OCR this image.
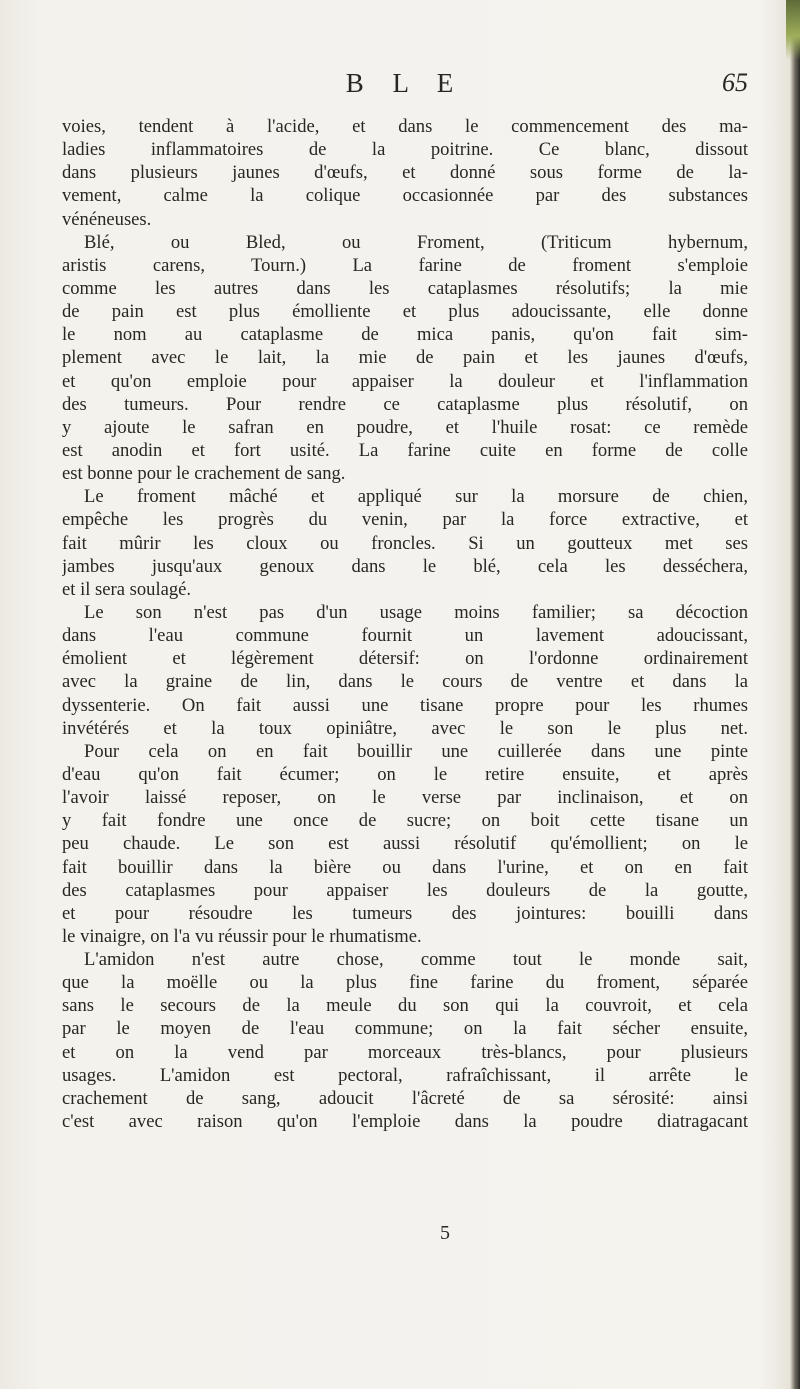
B L E	65
voies, tendent à l'acide, et dans le commencement des ma-
ladies inflammatoires de la poitrine. Ce blanc, dissout
dans plusieurs jaunes d'œufs, et donné sous forme de la-
vement, calme la colique occasionnée par des substances
vénéneuses.
Blé, ou Bled, ou Froment, (Triticum hybernum,
aristis carens, Tourn.) La farine de froment s'emploie
comme les autres dans les cataplasmes résolutifs; la mie
de pain est plus émolliente et plus adoucissante, elle donne
le nom au cataplasme de mica panis, qu'on fait sim-
plement avec le lait, la mie de pain et les jaunes d'œufs,
et qu'on emploie pour appaiser la douleur et l'inflammation
des tumeurs. Pour rendre ce cataplasme plus résolutif, on
y ajoute le safran en poudre, et l'huile rosat: ce remède
est anodin et fort usité. La farine cuite en forme de colle
est bonne pour le crachement de sang.
Le froment mâché et appliqué sur la morsure de chien,
empêche les progrès du venin, par la force extractive, et
fait mûrir les cloux ou froncles. Si un goutteux met ses
jambes jusqu'aux genoux dans le blé, cela les desséchera,
et il sera soulagé.
Le son n'est pas d'un usage moins familier; sa décoction
dans l'eau commune fournit un lavement adoucissant,
émolient et légèrement détersif: on l'ordonne ordinairement
avec la graine de lin, dans le cours de ventre et dans la
dyssenterie. On fait aussi une tisane propre pour les rhumes
invétérés et la toux opiniâtre, avec le son le plus net.
Pour cela on en fait bouillir une cuillerée dans une pinte
d'eau qu'on fait écumer; on le retire ensuite, et après
l'avoir laissé reposer, on le verse par inclinaison, et on
y fait fondre une once de sucre; on boit cette tisane un
peu chaude. Le son est aussi résolutif qu'émollient; on le
fait bouillir dans la bière ou dans l'urine, et on en fait
des cataplasmes pour appaiser les douleurs de la goutte,
et pour résoudre les tumeurs des jointures: bouilli dans
le vinaigre, on l'a vu réussir pour le rhumatisme.
L'amidon n'est autre chose, comme tout le monde sait,
que la moëlle ou la plus fine farine du froment, séparée
sans le secours de la meule du son qui la couvroit, et cela
par le moyen de l'eau commune; on la fait sécher ensuite,
et on la vend par morceaux très-blancs, pour plusieurs
usages. L'amidon est pectoral, rafraîchissant, il arrête le
crachement de sang, adoucit l'âcreté de sa sérosité: ainsi
c'est avec raison qu'on l'emploie dans la poudre diatragacant
5
